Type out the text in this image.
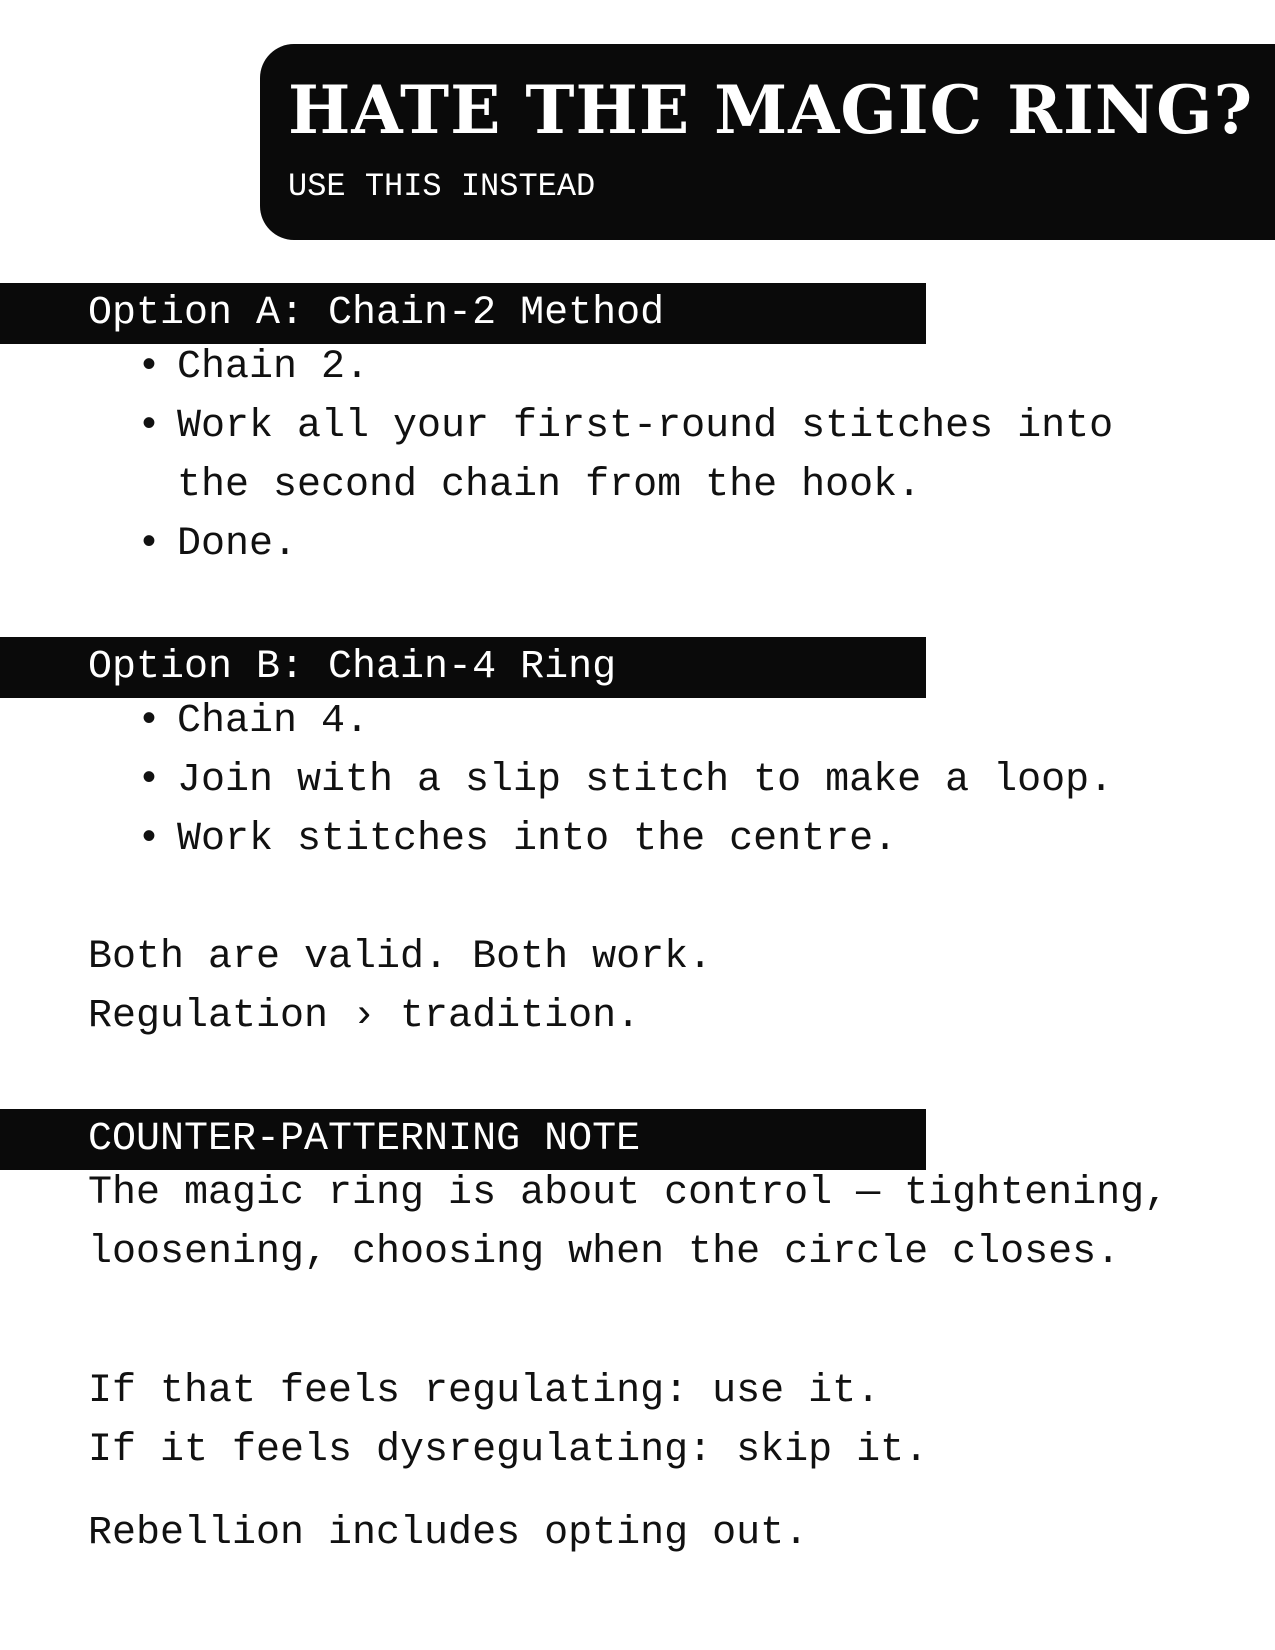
HATE THE MAGIC RING?

USE THIS INSTEAD

Option A: Chain-2 Method
• Chain 2.
• Work all your first-round stitches into the second chain from the hook.
• Done.
Option B: Chain-4 Ring
• Chain 4.
• Join with a slip stitch to make a loop.
• Work stitches into the centre.

Both are valid. Both work.

Regulation › tradition.

COUNTER-PATTERNING NOTE

The magic ring is about control — tightening, loosening, choosing when the circle closes.

If that feels regulating: use it.

If it feels dysregulating: skip it.

Rebellion includes opting out.
